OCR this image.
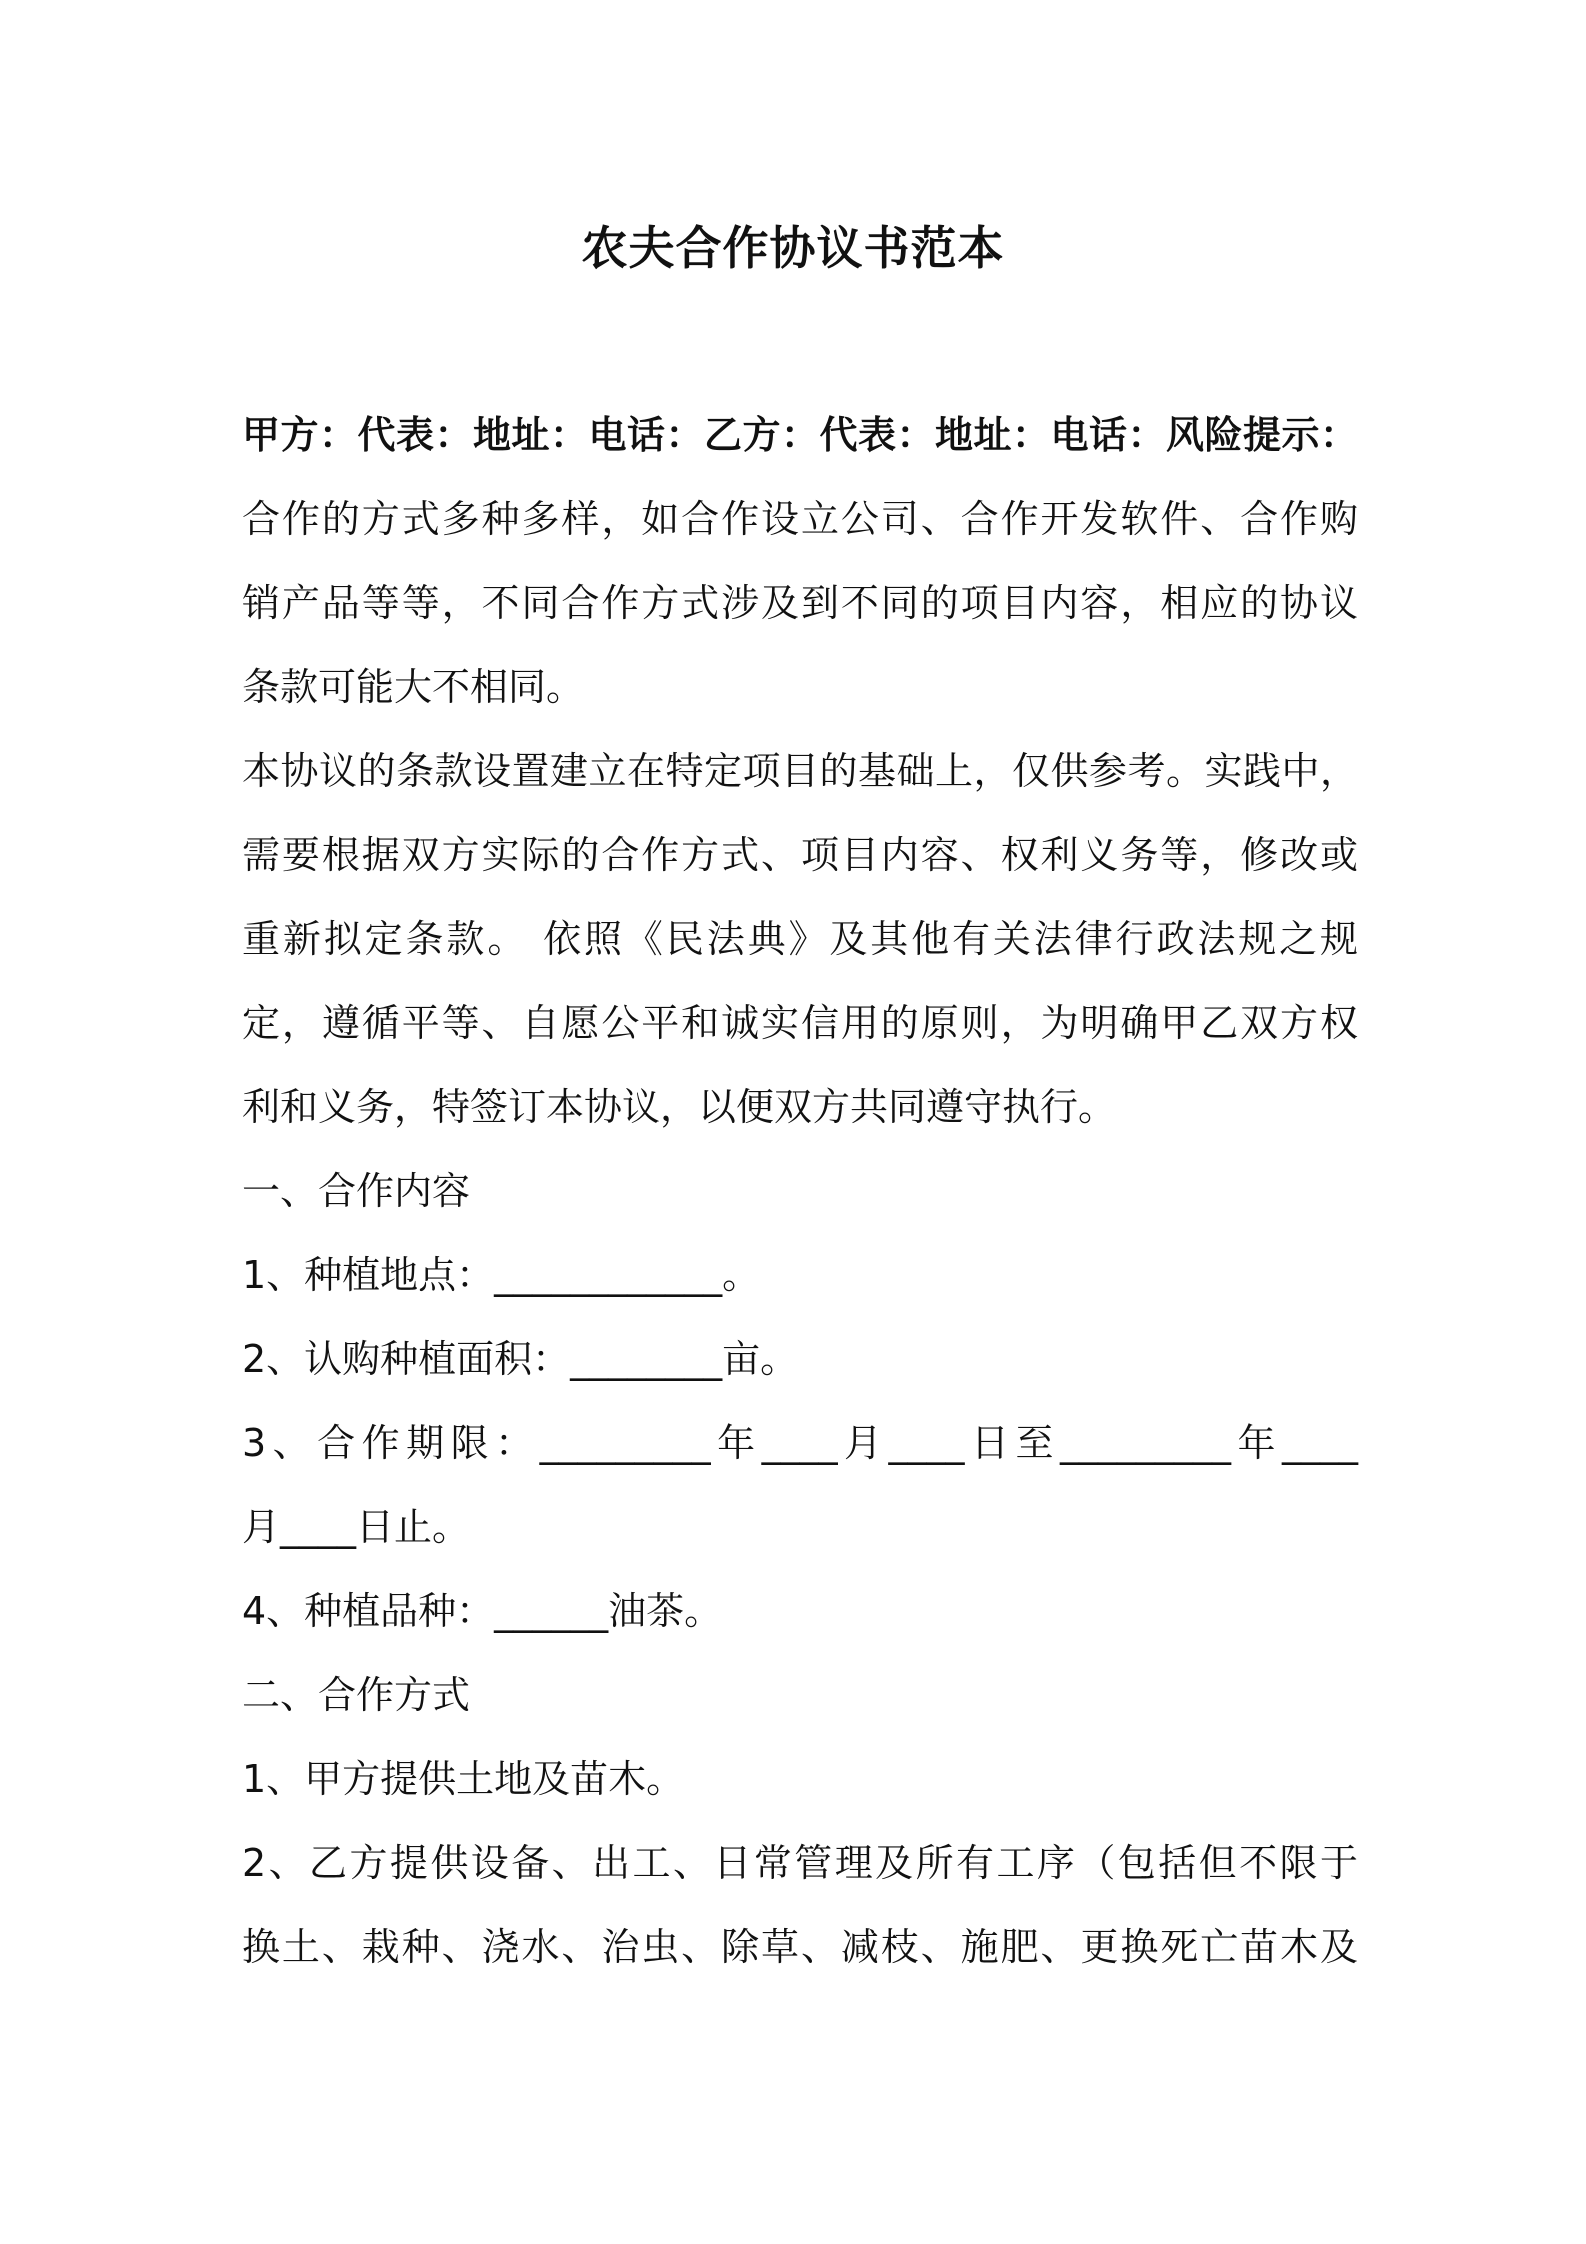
农夫合作协议书范本
甲方：代表：地址：电话：乙方：代表：地址：电话：风险提示：
合作的方式多种多样，如合作设立公司、合作开发软件、合作购
销产品等等，不同合作方式涉及到不同的项目内容，相应的协议
条款可能大不相同。
本协议的条款设置建立在特定项目的基础上，仅供参考。实践中，
需要根据双方实际的合作方式、项目内容、权利义务等，修改或
重新拟定条款。 依照《民法典》及其他有关法律行政法规之规
定，遵循平等、自愿公平和诚实信用的原则，为明确甲乙双方权
利和义务，特签订本协议，以便双方共同遵守执行。
一、合作内容
1、种植地点：____________。
2、认购种植面积：________亩。
3、合作期限：_________年____月____日至_________年____
月____日止。
4、种植品种：______油茶。
二、合作方式
1、甲方提供土地及苗木。
2、乙方提供设备、出工、日常管理及所有工序（包括但不限于
换土、栽种、浇水、治虫、除草、减枝、施肥、更换死亡苗木及
